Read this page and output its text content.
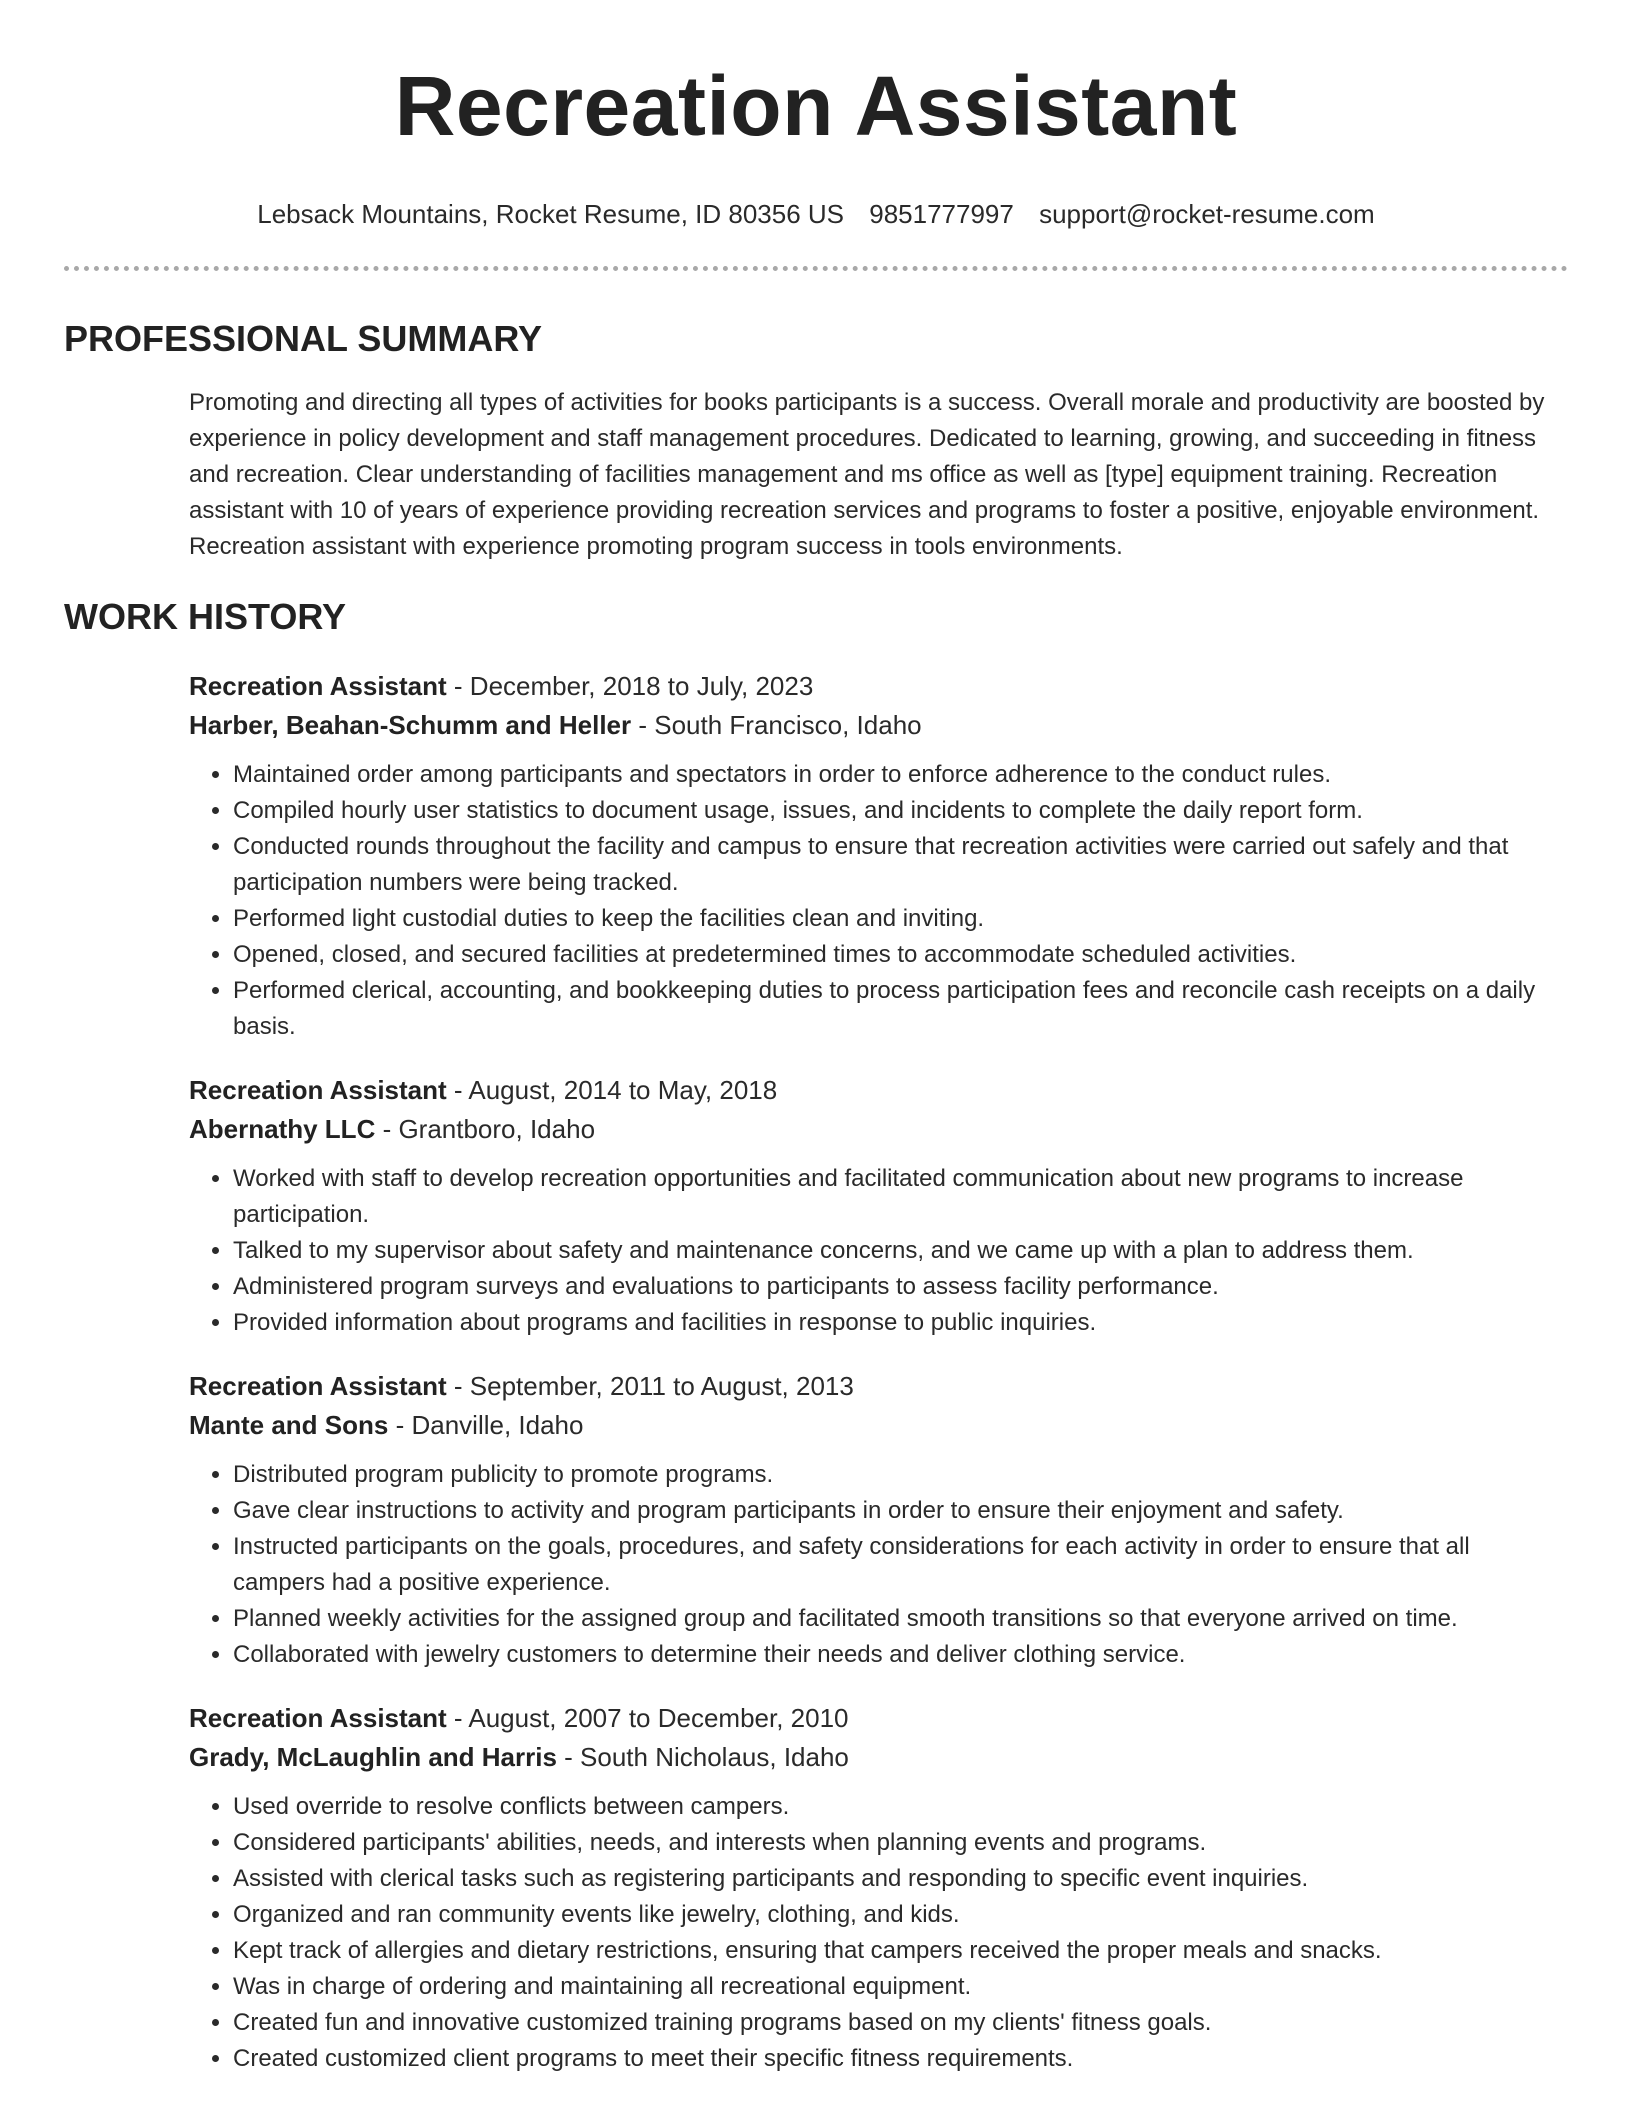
Recreation Assistant
Lebsack Mountains, Rocket Resume, ID 80356 US 9851777997 support@rocket-resume.com
PROFESSIONAL SUMMARY

Promoting and directing all types of activities for books participants is a success. Overall morale and productivity are boosted by experience in policy development and staff management procedures. Dedicated to learning, growing, and succeeding in fitness and recreation. Clear understanding of facilities management and ms office as well as [type] equipment training. Recreation assistant with 10 of years of experience providing recreation services and programs to foster a positive, enjoyable environment. Recreation assistant with experience promoting program success in tools environments.

WORK HISTORY
Recreation Assistant - December, 2018 to July, 2023
Harber, Beahan-Schumm and Heller - South Francisco, Idaho
• Maintained order among participants and spectators in order to enforce adherence to the conduct rules.
• Compiled hourly user statistics to document usage, issues, and incidents to complete the daily report form.
• Conducted rounds throughout the facility and campus to ensure that recreation activities were carried out safely and that participation numbers were being tracked.
• Performed light custodial duties to keep the facilities clean and inviting.
• Opened, closed, and secured facilities at predetermined times to accommodate scheduled activities.
• Performed clerical, accounting, and bookkeeping duties to process participation fees and reconcile cash receipts on a daily basis.
Recreation Assistant - August, 2014 to May, 2018
Abernathy LLC - Grantboro, Idaho
• Worked with staff to develop recreation opportunities and facilitated communication about new programs to increase participation.
• Talked to my supervisor about safety and maintenance concerns, and we came up with a plan to address them.
• Administered program surveys and evaluations to participants to assess facility performance.
• Provided information about programs and facilities in response to public inquiries.
Recreation Assistant - September, 2011 to August, 2013
Mante and Sons - Danville, Idaho
• Distributed program publicity to promote programs.
• Gave clear instructions to activity and program participants in order to ensure their enjoyment and safety.
• Instructed participants on the goals, procedures, and safety considerations for each activity in order to ensure that all campers had a positive experience.
• Planned weekly activities for the assigned group and facilitated smooth transitions so that everyone arrived on time.
• Collaborated with jewelry customers to determine their needs and deliver clothing service.
Recreation Assistant - August, 2007 to December, 2010
Grady, McLaughlin and Harris - South Nicholaus, Idaho
• Used override to resolve conflicts between campers.
• Considered participants' abilities, needs, and interests when planning events and programs.
• Assisted with clerical tasks such as registering participants and responding to specific event inquiries.
• Organized and ran community events like jewelry, clothing, and kids.
• Kept track of allergies and dietary restrictions, ensuring that campers received the proper meals and snacks.
• Was in charge of ordering and maintaining all recreational equipment.
• Created fun and innovative customized training programs based on my clients' fitness goals.
• Created customized client programs to meet their specific fitness requirements.
